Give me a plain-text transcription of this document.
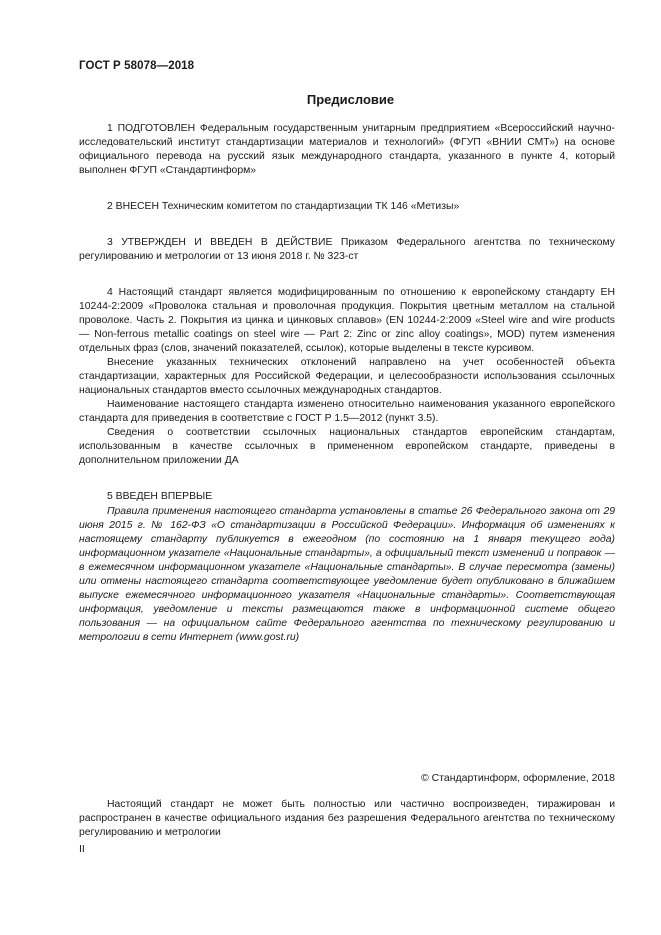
ГОСТ Р 58078—2018
Предисловие

1 ПОДГОТОВЛЕН Федеральным государственным унитарным предприятием «Всероссийский научно-исследовательский институт стандартизации материалов и технологий» (ФГУП «ВНИИ СМТ») на основе официального перевода на русский язык международного стандарта, указанного в пункте 4, который выполнен ФГУП «Стандартинформ»

2 ВНЕСЕН Техническим комитетом по стандартизации ТК 146 «Метизы»

3 УТВЕРЖДЕН И ВВЕДЕН В ДЕЙСТВИЕ Приказом Федерального агентства по техническому регулированию и метрологии от 13 июня 2018 г. № 323-ст

4 Настоящий стандарт является модифицированным по отношению к европейскому стандарту ЕН 10244-2:2009 «Проволока стальная и проволочная продукция. Покрытия цветным металлом на стальной проволоке. Часть 2. Покрытия из цинка и цинковых сплавов» (EN 10244-2:2009 «Steel wire and wire products — Non-ferrous metallic coatings on steel wire — Part 2: Zinc or zinc alloy coatings», MOD) путем изменения отдельных фраз (слов, значений показателей, ссылок), которые выделены в тексте курсивом.

Внесение указанных технических отклонений направлено на учет особенностей объекта стандартизации, характерных для Российской Федерации, и целесообразности использования ссылочных национальных стандартов вместо ссылочных международных стандартов.

Наименование настоящего стандарта изменено относительно наименования указанного европейского стандарта для приведения в соответствие с ГОСТ Р 1.5—2012 (пункт 3.5).

Сведения о соответствии ссылочных национальных стандартов европейским стандартам, использованным в качестве ссылочных в примененном европейском стандарте, приведены в дополнительном приложении ДА

5 ВВЕДЕН ВПЕРВЫЕ

Правила применения настоящего стандарта установлены в статье 26 Федерального закона от 29 июня 2015 г. № 162-ФЗ «О стандартизации в Российской Федерации». Информация об изменениях к настоящему стандарту публикуется в ежегодном (по состоянию на 1 января текущего года) информационном указателе «Национальные стандарты», а официальный текст изменений и поправок — в ежемесячном информационном указателе «Национальные стандарты». В случае пересмотра (замены) или отмены настоящего стандарта соответствующее уведомление будет опубликовано в ближайшем выпуске ежемесячного информационного указателя «Национальные стандарты». Соответствующая информация, уведомление и тексты размещаются также в информационной системе общего пользования — на официальном сайте Федерального агентства по техническому регулированию и метрологии в сети Интернет (www.gost.ru)

© Стандартинформ, оформление, 2018

Настоящий стандарт не может быть полностью или частично воспроизведен, тиражирован и распространен в качестве официального издания без разрешения Федерального агентства по техническому регулированию и метрологии

II
